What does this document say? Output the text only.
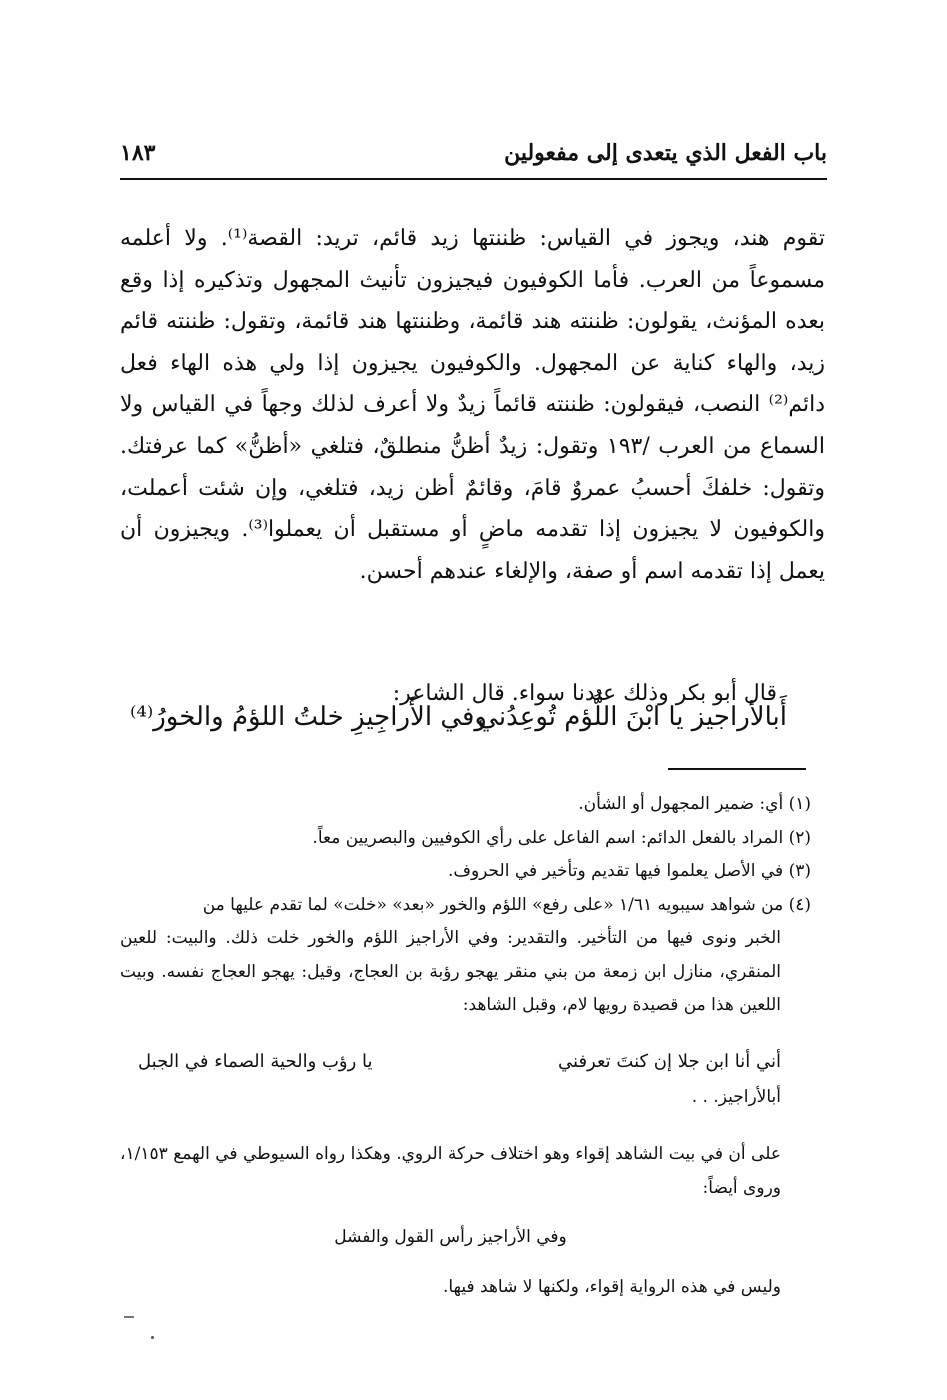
باب الفعل الذي يتعدى إلى مفعولين
١٨٣

تقوم هند، ويجوز في القياس: ظننتها زيد قائم، تريد: القصة⁽¹⁾. ولا أعلمه مسموعاً من العرب. فأما الكوفيون فيجيزون تأنيث المجهول وتذكيره إذا وقع بعده المؤنث، يقولون: ظننته هند قائمة، وظننتها هند قائمة، وتقول: ظننته قائم زيد، والهاء كناية عن المجهول. والكوفيون يجيزون إذا ولي هذه الهاء فعل دائم⁽²⁾ النصب، فيقولون: ظننته قائماً زيدٌ ولا أعرف لذلك وجهاً في القياس ولا السماع من العرب /١٩٣ وتقول: زيدٌ أظنُّ منطلقٌ، فتلغي «أظنُّ» كما عرفتك. وتقول: خلفكَ أحسبُ عمروٌ قامَ، وقائمٌ أظن زيد، فتلغي، وإن شئت أعملت، والكوفيون لا يجيزون إذا تقدمه ماضٍ أو مستقبل أن يعملوا⁽³⁾. ويجيزون أن يعمل إذا تقدمه اسم أو صفة، والإلغاء عندهم أحسن.

قال أبو بكر وذلك عندنا سواء. قال الشاعر:

أَبالأراجيز يا ابْنَ اللُّؤم تُوعِدُني
وفي الأَراجِيزِ خلتُ اللؤمُ والخورُ⁽⁴⁾

(١) أي: ضمير المجهول أو الشأن.

(٢) المراد بالفعل الدائم: اسم الفاعل على رأي الكوفيين والبصريين معاً.

(٣) في الأصل يعلموا فيها تقديم وتأخير في الحروف.

(٤) من شواهد سيبويه ١/٦١ «على رفع» اللؤم والخور «بعد» «خلت» لما تقدم عليها من

الخبر ونوى فيها من التأخير. والتقدير: وفي الأراجيز اللؤم والخور خلت ذلك. والبيت: للعين المنقري، منازل ابن زمعة من بني منقر يهجو رؤبة بن العجاج، وقيل: يهجو العجاج نفسه. وبيت اللعين هذا من قصيدة رويها لام، وقبل الشاهد:

أني أنا ابن جلا إن كنتَ تعرفني
يا رؤب والحية الصماء في الجبل

أبالأراجيز. . .

على أن في بيت الشاهد إقواء وهو اختلاف حركة الروي. وهكذا رواه السيوطي في الهمع ١/١٥٣، وروى أيضاً:

وفي الأراجيز رأس القول والفشل

وليس في هذه الرواية إقواء، ولكنها لا شاهد فيها.
